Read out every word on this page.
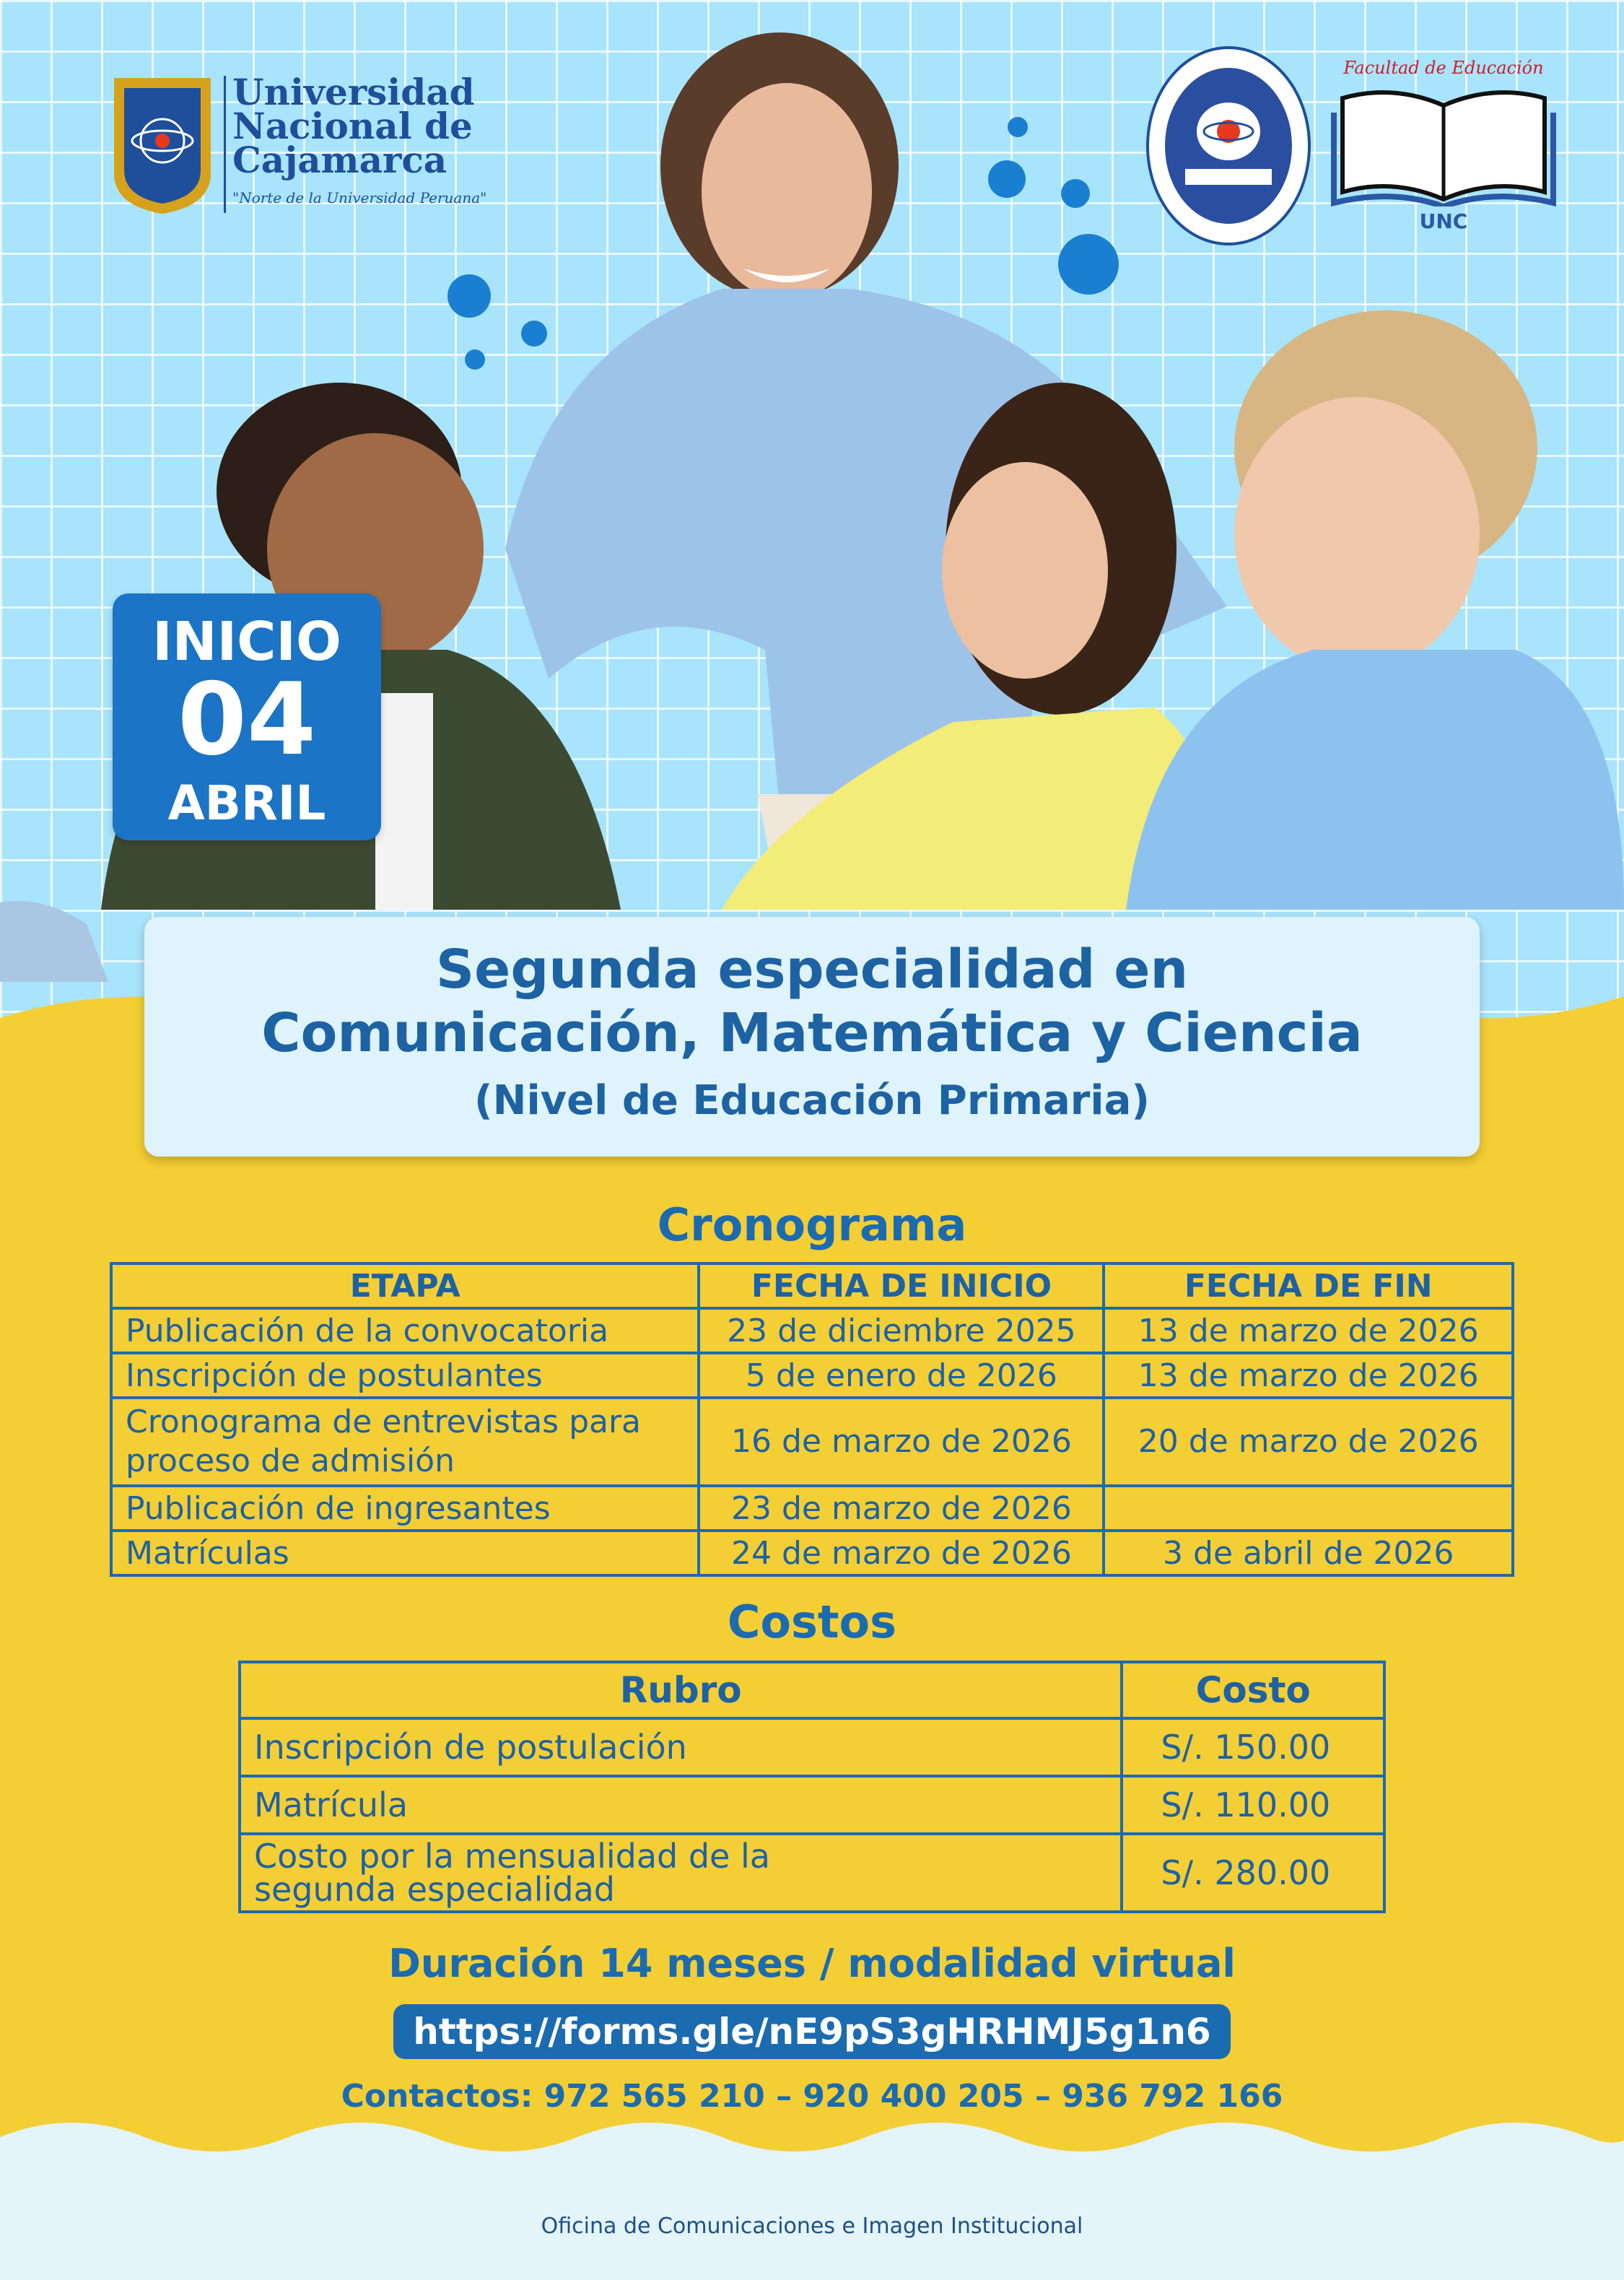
Universidad
Nacional de
Cajamarca
"Norte de la Universidad Peruana"
Facultad de Educación
UNC
INICIO
04
ABRIL
Segunda especialidad en
Comunicación, Matemática y Ciencia
(Nivel de Educación Primaria)
Cronograma
ETAPA	FECHA DE INICIO	FECHA DE FIN
Publicación de la convocatoria	23 de diciembre 2025	13 de marzo de 2026
Inscripción de postulantes	5 de enero de 2026	13 de marzo de 2026

Cronograma de entrevistas para
proceso de admisión	16 de marzo de 2026	20 de marzo de 2026
Publicación de ingresantes	23 de marzo de 2026	
Matrículas	24 de marzo de 2026	3 de abril de 2026
Costos
Rubro	Costo
Inscripción de postulación	S/. 150.00
Matrícula	S/. 110.00

Costo por la mensualidad de la
segunda especialidad	S/. 280.00
Duración 14 meses / modalidad virtual
https://forms.gle/nE9pS3gHRHMJ5g1n6
Contactos: 972 565 210 – 920 400 205 – 936 792 166
Oficina de Comunicaciones e Imagen Institucional
